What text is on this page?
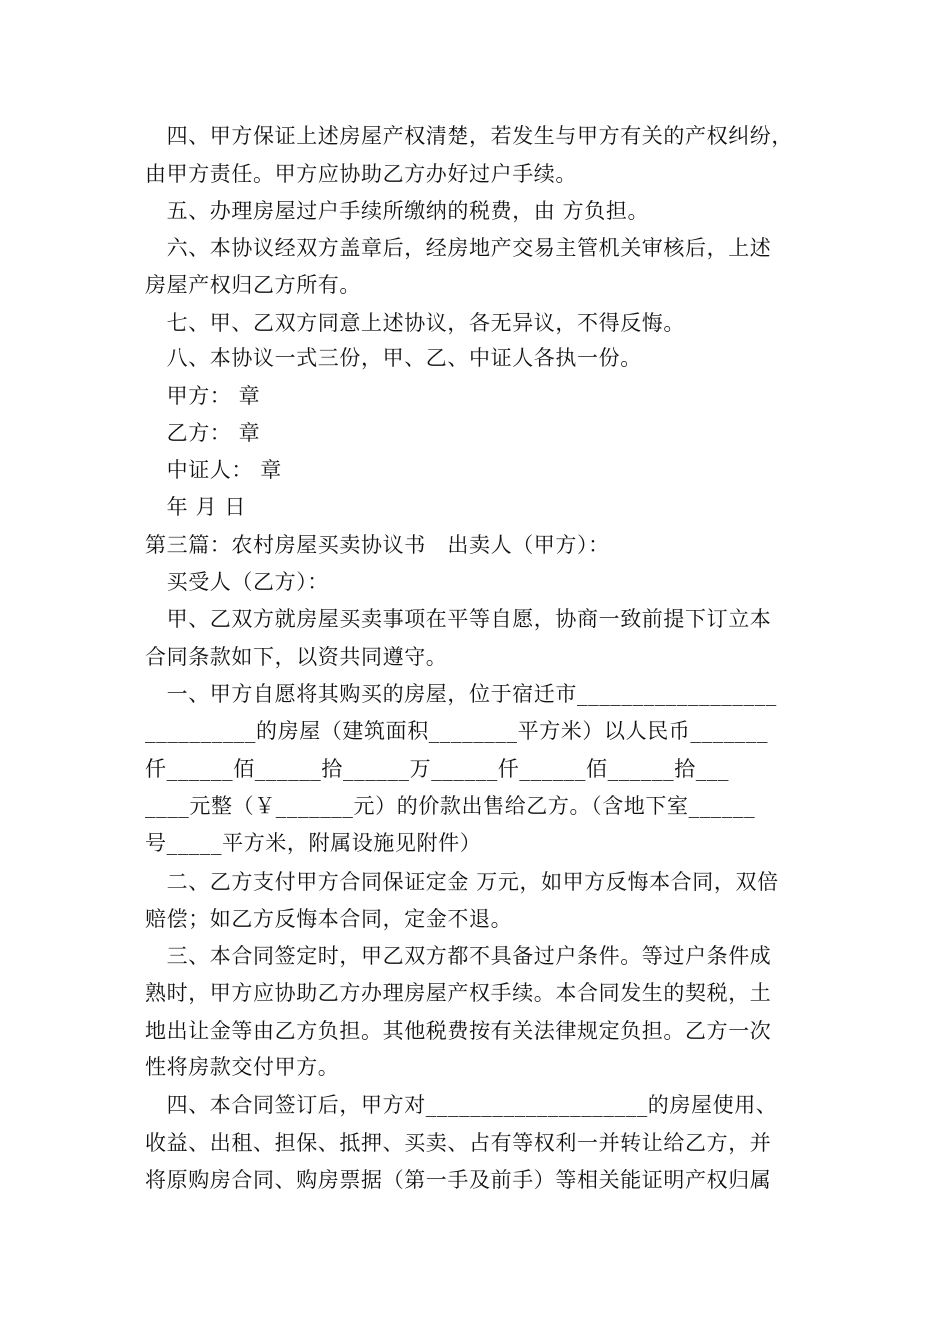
　四、甲方保证上述房屋产权清楚，若发生与甲方有关的产权纠纷，
由甲方责任。甲方应协助乙方办好过户手续。
　五、办理房屋过户手续所缴纳的税费，由 方负担。
　六、本协议经双方盖章后，经房地产交易主管机关审核后，上述
房屋产权归乙方所有。
　七、甲、乙双方同意上述协议，各无异议，不得反悔。
　八、本协议一式三份，甲、乙、中证人各执一份。
　甲方： 章
　乙方： 章
　中证人： 章
　年 月 日
第三篇：农村房屋买卖协议书　出卖人（甲方）：
　买受人（乙方）：
　甲、乙双方就房屋买卖事项在平等自愿，协商一致前提下订立本
合同条款如下，以资共同遵守。
　一、甲方自愿将其购买的房屋，位于宿迁市__________________
__________的房屋（建筑面积________平方米）以人民币_______
仟______佰______拾______万______仟______佰______拾___
____元整（￥_______元）的价款出售给乙方。（含地下室______
号_____平方米，附属设施见附件）
　二、乙方支付甲方合同保证定金 万元，如甲方反悔本合同，双倍
赔偿；如乙方反悔本合同，定金不退。
　三、本合同签定时，甲乙双方都不具备过户条件。等过户条件成
熟时，甲方应协助乙方办理房屋产权手续。本合同发生的契税，土
地出让金等由乙方负担。其他税费按有关法律规定负担。乙方一次
性将房款交付甲方。
　四、本合同签订后，甲方对____________________的房屋使用、
收益、出租、担保、抵押、买卖、占有等权利一并转让给乙方，并
将原购房合同、购房票据（第一手及前手）等相关能证明产权归属
